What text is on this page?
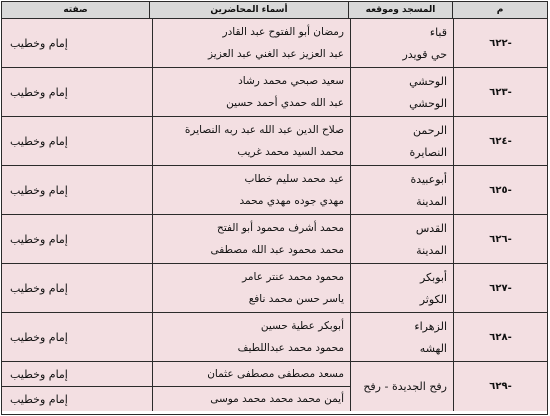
م
المسجد وموقعه
أسماء المحاضرين
صفته
-٦٢٢
قباء
حي قويدر
رمضان أبو الفتوح عبد القادر
عبد العزيز عبد الغني عبد العزيز
إمام وخطيب
-٦٢٣
الوحشي
الوحشي
سعيد صبحي محمد رشاد
عبد الله حمدي أحمد حسين
إمام وخطيب
-٦٢٤
الرحمن
النصايرة
صلاح الدين عبد الله عبد ربه النصايرة
محمد السيد محمد غريب
إمام وخطيب
-٦٢٥
أبوعبيدة
المدينة
عيد محمد سليم خطاب
مهدي جوده مهدي محمد
إمام وخطيب
-٦٢٦
القدس
المدينة
محمد أشرف محمود أبو الفتح
محمد محمود عبد الله مصطفى
إمام وخطيب
-٦٢٧
أبوبكر
الكوثر
محمود محمد عنتر عامر
ياسر حسن محمد نافع
إمام وخطيب
-٦٢٨
الزهراء
الهشه
أبوبكر عطية حسين
محمود محمد عبداللطيف
إمام وخطيب
-٦٢٩
رفح الجديدة - رفح
مسعد مصطفى مصطفى عثمان
إمام وخطيب
أيمن محمد محمد محمد موسى
إمام وخطيب
